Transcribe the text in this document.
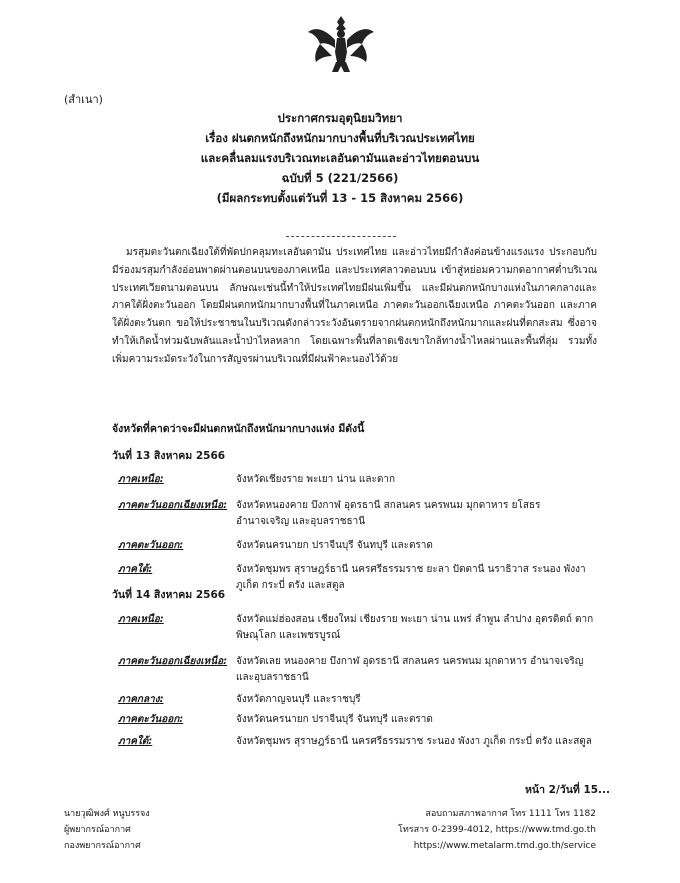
(สำเนา)
ประกาศกรมอุตุนิยมวิทยา
เรื่อง ฝนตกหนักถึงหนักมากบางพื้นที่บริเวณประเทศไทย
และคลื่นลมแรงบริเวณทะเลอันดามันและอ่าวไทยตอนบน
ฉบับที่ 5 (221/2566)
(มีผลกระทบตั้งแต่วันที่ 13 - 15 สิงหาคม 2566)
มรสุมตะวันตกเฉียงใต้ที่พัดปกคลุมทะเลอันดามัน ประเทศไทย และอ่าวไทยมีกำลังค่อนข้างแรงแรง ประกอบกับมีร่องมรสุมกำลังอ่อนพาดผ่านตอนบนของภาคเหนือ และประเทศลาวตอนบน เข้าสู่หย่อมความกดอากาศต่ำบริเวณประเทศเวียดนามตอนบน ลักษณะเช่นนี้ทำให้ประเทศไทยมีฝนเพิ่มขึ้น และมีฝนตกหนักบางแห่งในภาคกลางและภาคใต้ฝั่งตะวันออก โดยมีฝนตกหนักมากบางพื้นที่ในภาคเหนือ ภาคตะวันออกเฉียงเหนือ ภาคตะวันออก และภาคใต้ฝั่งตะวันตก ขอให้ประชาชนในบริเวณดังกล่าวระวังอันตรายจากฝนตกหนักถึงหนักมากและฝนที่ตกสะสม ซึ่งอาจทำให้เกิดน้ำท่วมฉับพลันและน้ำป่าไหลหลาก โดยเฉพาะพื้นที่ลาดเชิงเขาใกล้ทางน้ำไหลผ่านและพื้นที่ลุ่ม รวมทั้งเพิ่มความระมัดระวังในการสัญจรผ่านบริเวณที่มีฝนฟ้าคะนองไว้ด้วย
จังหวัดที่คาดว่าจะมีฝนตกหนักถึงหนักมากบางแห่ง มีดังนี้
วันที่ 13 สิงหาคม 2566
ภาคเหนือ:	จังหวัดเชียงราย พะเยา น่าน และตาก
ภาคตะวันออกเฉียงเหนือ: จังหวัดหนองคาย บึงกาฬ อุดรธานี สกลนคร นครพนม มุกดาหาร ยโสธร อำนาจเจริญ และอุบลราชธานี
ภาคตะวันออก:	จังหวัดนครนายก ปราจีนบุรี จันทบุรี และตราด
ภาคใต้:	จังหวัดชุมพร สุราษฎร์ธานี นครศรีธรรมราช ยะลา ปัตตานี นราธิวาส ระนอง พังงา ภูเก็ต กระบี่ ตรัง และสตูล
วันที่ 14 สิงหาคม 2566
ภาคเหนือ:	จังหวัดแม่ฮ่องสอน เชียงใหม่ เชียงราย พะเยา น่าน แพร่ ลำพูน ลำปาง อุตรดิตถ์ ตาก พิษณุโลก และเพชรบูรณ์
ภาคตะวันออกเฉียงเหนือ: จังหวัดเลย หนองคาย บึงกาฬ อุดรธานี สกลนคร นครพนม มุกดาหาร อำนาจเจริญ และอุบลราชธานี
ภาคกลาง:	จังหวัดกาญจนบุรี และราชบุรี
ภาคตะวันออก:	จังหวัดนครนายก ปราจีนบุรี จันทบุรี และตราด
ภาคใต้:	จังหวัดชุมพร สุราษฎร์ธานี นครศรีธรรมราช ระนอง พังงา ภูเก็ต กระบี่ ตรัง และสตูล
หน้า 2/วันที่ 15...
นายวุฒิพงศ์ หนูบรรจง
ผู้พยากรณ์อากาศ
กองพยากรณ์อากาศ
สอบถามสภาพอากาศ โทร 1111 โทร 1182
โทรสาร 0-2399-4012, https://www.tmd.go.th
https://www.metalarm.tmd.go.th/service
